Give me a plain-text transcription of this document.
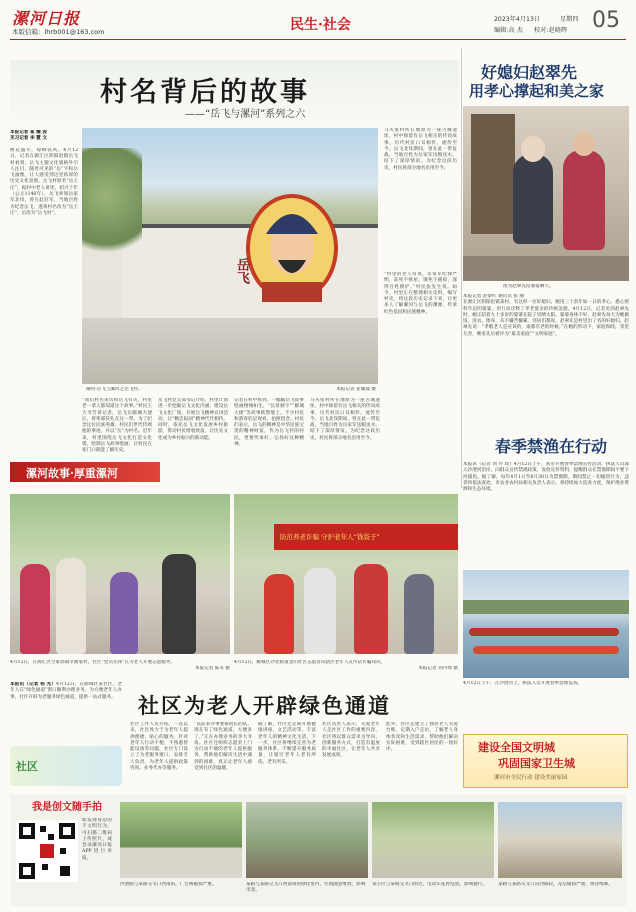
漯河日报
本版信箱：lhrb001@163.com	民生·社会	2023年4月13日	星期四
编辑:高 杰 校对:赵晓辉 05
村名背后的故事
——“岳飞与漯河”系列之六
本报记者 崔 耀 波
见习记者 李 慧 文
桃花盛开，绿柳扶风。4月12日，记者在源汇区阴阳赵镇岳飞村看到，岳飞主题文化墙格外引人注目，随处可见的“岳”字和岳飞画像，让人感受到这里浓厚的历史文化氛围。岳飞村原名“岳王庄”，据村中老人讲述，绍兴十年（公元1140年），岳飞率领岳家军北伐，曾在此驻军，当地百姓为纪念岳飞，遂将村名改为“岳王庄”，后改为“岳飞村”。
岳飞
潮河·岳飞与漯河之岳飞村。	本报记者 崔耀波 摄
马夫张村所在地原为一座古城遗址，村中保留有岳飞相关的传说故事，历代村民口耳相传，流传至今。岳飞北伐期间，曾在此一带征战，当地百姓为岳家军送粮送水，结下了深厚情谊。为纪念这段历史，村民将部分地名沿用至今。
“村里的老人常说，岳家军纪律严明，冻死不拆屋，饿死不掳掠，深得百姓拥护。”村民张先生说。如今，村里正在整理相关史料，编写村史，将这段历史记录下来，让更多人了解漯河与岳飞的渊源，传承红色基因和民族精神。
“我们村名来历和岳飞有关，村里老一辈人都知道这个故事。”村民王大爷告诉记者，岳飞在郾城大捷后，曾率部驻扎在这一带。为了纪念这位民族英雄，村民们世代传颂他的事迹，并以“岳”为村名。近年来，村里围绕岳飞文化打造文化墙，绘制岳飞故事壁画，让村民在家门口就能了解历史。
岳飞村党支部书记介绍，村里计划进一步挖掘岳飞文化内涵，建设岳飞文化广场，开展岳飞精神宣讲活动，让“精忠报国”精神代代相传。同时，依托岳飞文化发展乡村旅游，带动村民增收致富，让历史文化成为乡村振兴的新动能。
记者在村中看到，一幅幅岳飞故事壁画栩栩如生，“岳母刺字”“郾城大捷”等故事跃然墙上。不少村民和游客驻足观看，拍照留念。村民们表示，岳飞的精神是中华民族宝贵的精神财富，作为岳飞村的村民，更要传承好、弘扬好这种精神。
马夫张村所在地原为一座古城遗址，村中保留有岳飞相关的传说故事，历代村民口耳相传，流传至今。岳飞北伐期间，曾在此一带征战，当地百姓为岳家军送粮送水，结下了深厚情谊。为纪念这段历史，村民将部分地名沿用至今。
漯河故事·厚重漯河
好媳妇赵翠先
用孝心撑起和美之家
图为赵翠先陪婆婆聊天。
本报记者 赵黎红 通讯员 张 丽
在源汇区阴阳赵镇某村，有这样一位好媳妇，她用三十余年如一日的孝心，悉心照料年迈的婆婆，用行动诠释了孝老爱亲的传统美德。4月12日，记者见到赵翠先时，她正陪着九十多岁的婆婆在院子里晒太阳。婆婆身体不好，赵翠先每天为她做饭、洗衣、擦身，从不嫌苦嫌累。邻居们都说，赵翠先是村里出了名的好媳妇。赵翠先说：“孝敬老人是应该的，谁都有老的时候。”在她的带动下，家庭和睦，邻里友善，她家先后被评为“最美家庭”“文明家庭”。
春季禁渔在行动
本报讯（记者 刘 丹 琦）4月12日上午，我市开展春季禁渔宣传活动，执法人员深入沙澧河沿岸，向群众宣传禁渔政策，发放宣传资料，提醒群众在禁渔期间不要下河捕鱼。据了解，每年4月1日至6月30日为禁渔期。期间禁止一切捕捞行为，违者将依法查处。市农业农村局相关负责人表示，将持续加大巡查力度，保护渔业资源和生态环境。
4月12日上午，在沙澧河上，执法人员开展春季禁渔巡查。
防范养老诈骗 守护老年人“钱袋子”
4月12日，在源汇区空冢郭镇幸福家村，社区“党员先锋”在为老人开展志愿服务。
本报记者 陈炎 摄
4月12日，郾城区沙北街道金山社区志愿者向辖区老年人宣传防诈骗知识。
本报记者 刘丹琦 摄
本报讯（记者 杨 光）4月12日，在郾城区某社区，老年人在“绿色通道”窗口顺利办理业务。为方便老年人办事，社区开辟为老服务绿色通道，提供一站式服务。
社区
社区为老人开辟绿色通道
社区工作人员介绍，一直以来，社区致力于为老年人提供便捷、贴心的服务。针对老年人行动不便、不熟悉智能设备等问题，社区专门设立了为老服务窗口，安排专人负责，为老年人提供政策咨询、业务代办等服务。
“以前来办事要排很长的队，现在有了绿色通道，方便多了。”正在办理业务的李大爷说。社区还组织志愿者上门为行动不便的老年人提供服务，帮助他们解决生活中遇到的困难，真正让老年人感受到社区的温暖。
据了解，社区还定期开展健康讲座、文艺活动等，丰富老年人的精神文化生活。下一步，社区将继续完善为老服务体系，不断提升服务质量，让辖区老年人老有所依、老有所乐。
社区负责人表示，关爱老年人是社区工作的重要内容，社区将以群众需求为导向，创新服务方式，打造有温度的幸福社区，让老年人共享发展成果。
此外，社区还建立了独居老人关爱台账，定期入户走访，了解老人身体状况和生活需求，帮助他们解决实际困难，受到辖区居民的一致好评。	建设全国文明城
巩固国家卫生城
漯河市全民行动 建设美丽家园
我是创文随手拍
如发现身边的不文明行为，可扫描二维码上传照片，或登录漯河日报APP进行举报。
沙澧路与某路交叉口西南角，广告牌破损严重。	某路与某路交叉口西南角的绿化带内，垃圾随意堆放，影响市容。
某小区与某路交叉口附近，电动车乱停乱放，影响通行。	某路与某路交叉口向西路段，花坛破损严重，亟待维修。
